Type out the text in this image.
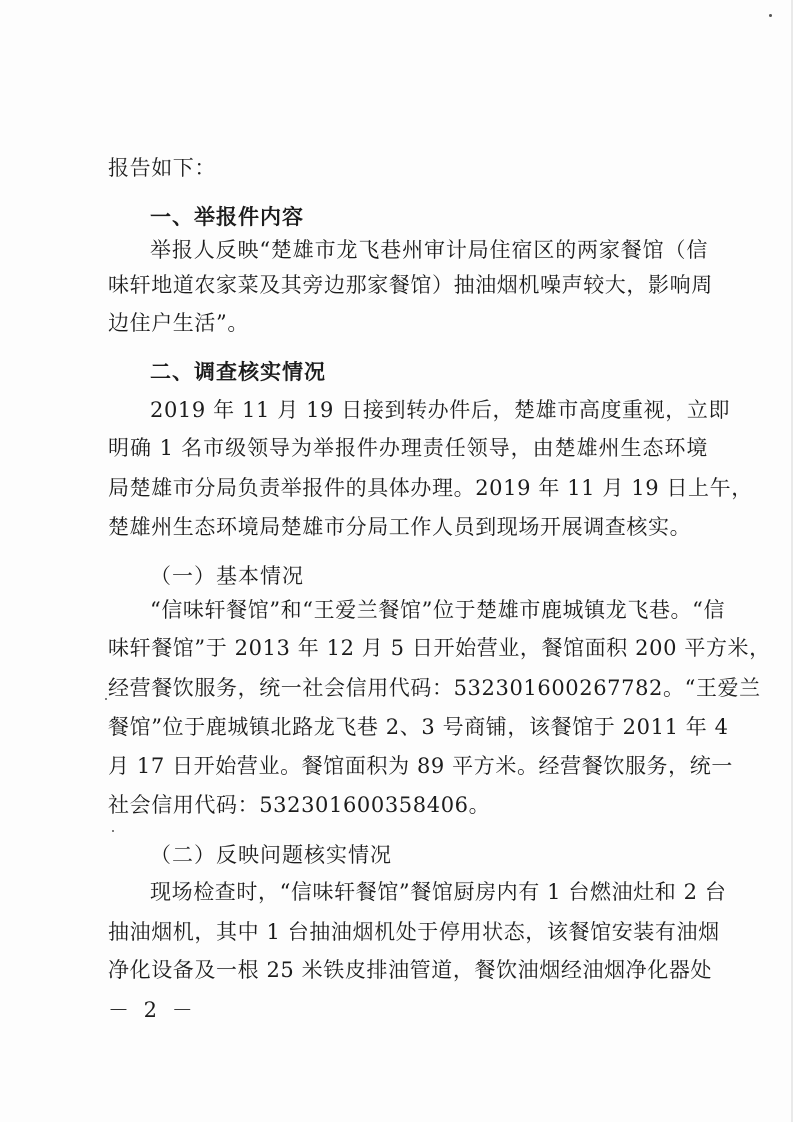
报告如下：
一、举报件内容
举报人反映“楚雄市龙飞巷州审计局住宿区的两家餐馆（信
味轩地道农家菜及其旁边那家餐馆）抽油烟机噪声较大，影响周
边住户生活”。
二、调查核实情况
2019 年 11 月 19 日接到转办件后，楚雄市高度重视，立即
明确 1 名市级领导为举报件办理责任领导，由楚雄州生态环境
局楚雄市分局负责举报件的具体办理。2019 年 11 月 19 日上午，
楚雄州生态环境局楚雄市分局工作人员到现场开展调查核实。
（一）基本情况
“信味轩餐馆”和“王爱兰餐馆”位于楚雄市鹿城镇龙飞巷。“信
味轩餐馆”于 2013 年 12 月 5 日开始营业，餐馆面积 200 平方米，
经营餐饮服务，统一社会信用代码：532301600267782。“王爱兰
餐馆”位于鹿城镇北路龙飞巷 2、3 号商铺，该餐馆于 2011 年 4
月 17 日开始营业。餐馆面积为 89 平方米。经营餐饮服务，统一
社会信用代码：532301600358406。
（二）反映问题核实情况
现场检查时，“信味轩餐馆”餐馆厨房内有 1 台燃油灶和 2 台
抽油烟机，其中 1 台抽油烟机处于停用状态，该餐馆安装有油烟
净化设备及一根 25 米铁皮排油管道，餐饮油烟经油烟净化器处
－ 2 －
